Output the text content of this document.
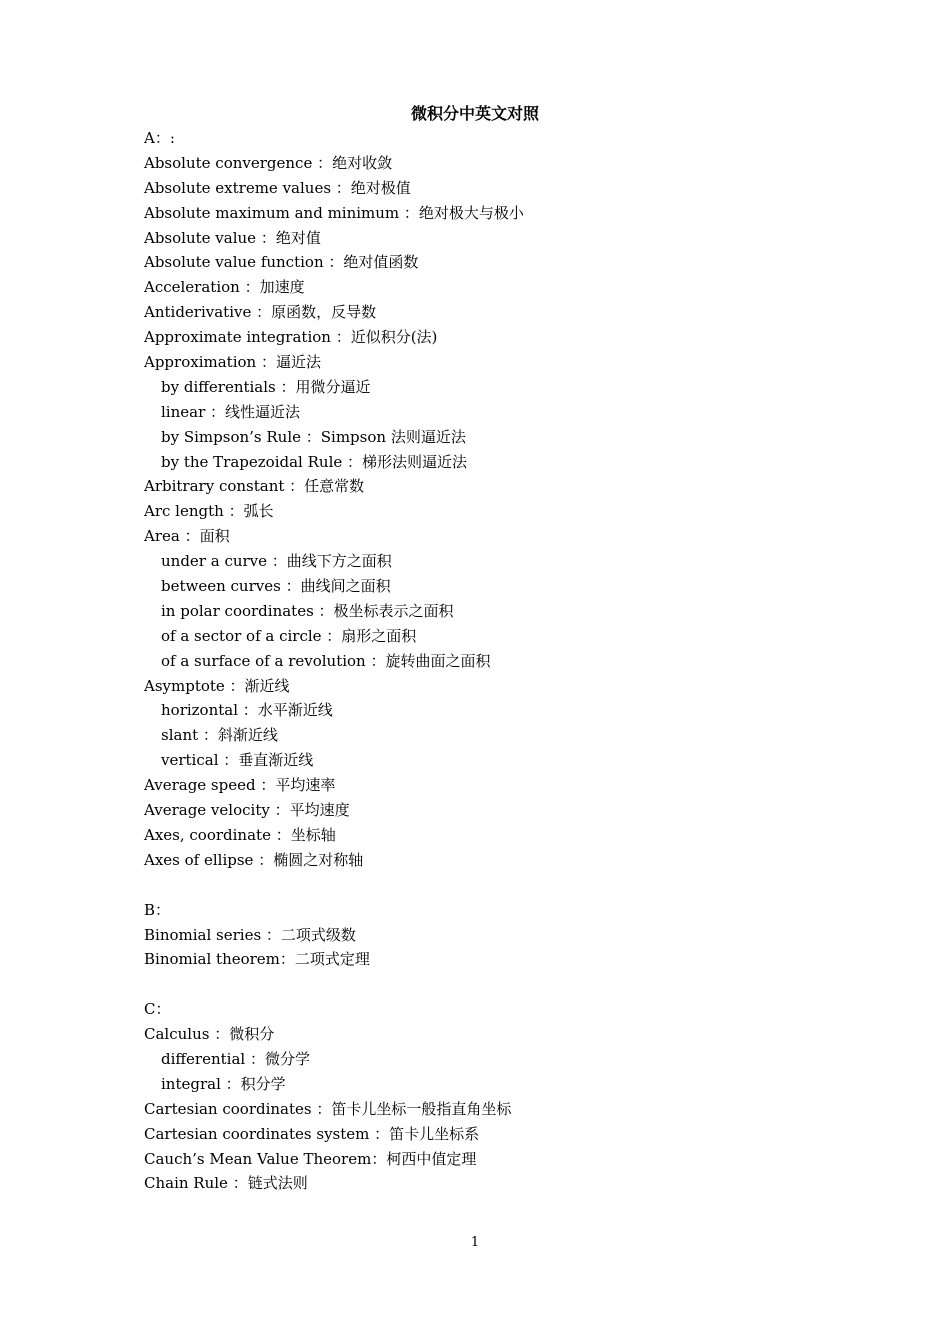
微积分中英文对照
A：:
Absolute convergence ：绝对收敛
Absolute extreme values ：绝对极值
Absolute maximum and minimum ：绝对极大与极小
Absolute value ：绝对值
Absolute value function ：绝对值函数
Acceleration ：加速度
Antiderivative ：原函数，反导数
Approximate integration ：近似积分(法)
Approximation ：逼近法
by differentials ：用微分逼近
linear ：线性逼近法
by Simpson’s Rule ：Simpson 法则逼近法
by the Trapezoidal Rule ：梯形法则逼近法
Arbitrary constant ：任意常数
Arc length ：弧长
Area ：面积
under a curve ：曲线下方之面积
between curves ：曲线间之面积
in polar coordinates ：极坐标表示之面积
of a sector of a circle ：扇形之面积
of a surface of a revolution ：旋转曲面之面积
Asymptote ：渐近线
horizontal ：水平渐近线
slant ：斜渐近线
vertical ：垂直渐近线
Average speed ：平均速率
Average velocity ：平均速度
Axes, coordinate ：坐标轴
Axes of ellipse ：椭圆之对称轴
B：
Binomial series ：二项式级数
Binomial theorem：二项式定理
C：
Calculus ：微积分
differential ：微分学
integral ：积分学
Cartesian coordinates ：笛卡儿坐标一般指直角坐标
Cartesian coordinates system ：笛卡儿坐标系
Cauch’s Mean Value Theorem：柯西中值定理
Chain Rule ：链式法则
1
